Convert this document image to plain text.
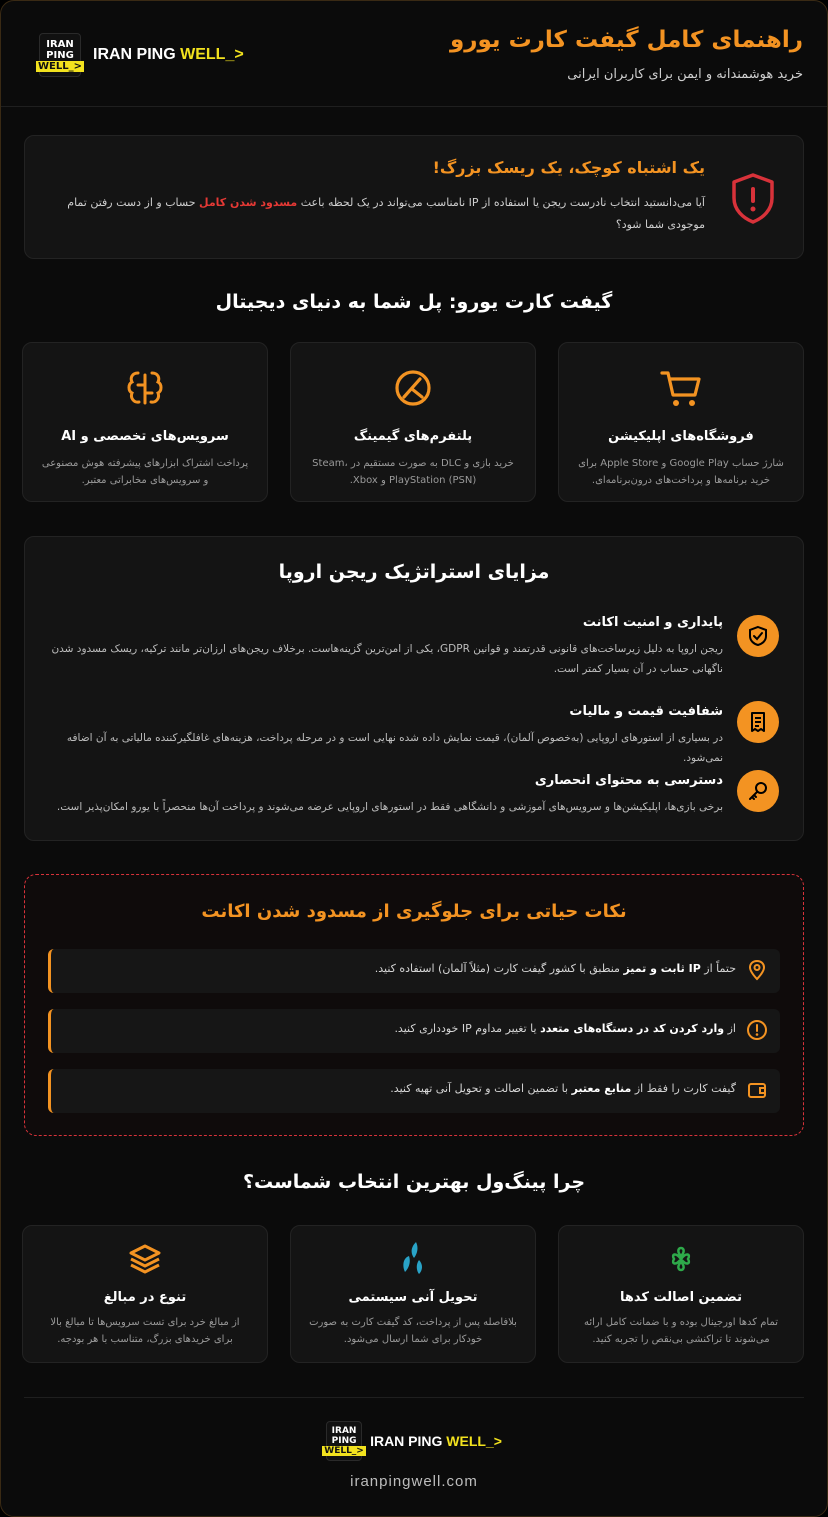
راهنمای کامل گیفت کارت یورو
خرید هوشمندانه و ایمن برای کاربران ایرانی
IRAN
PING
WELL_>
IRAN PING WELL_>
یک اشتباه کوچک، یک ریسک بزرگ!
آیا می‌دانستید انتخاب نادرست ریجن یا استفاده از IP نامناسب می‌تواند در یک لحظه باعث مسدود شدن کامل حساب و از دست رفتن تمام موجودی شما شود؟
گیفت کارت یورو: پل شما به دنیای دیجیتال
فروشگاه‌های اپلیکیشن
شارژ حساب Google Play و Apple Store برای خرید برنامه‌ها و پرداخت‌های درون‌برنامه‌ای.
پلتفرم‌های گیمینگ
خرید بازی و DLC به صورت مستقیم در Steam، PlayStation (PSN) و Xbox.
سرویس‌های تخصصی و AI
پرداخت اشتراک ابزارهای پیشرفته هوش مصنوعی و سرویس‌های مخابراتی معتبر.
مزایای استراتژیک ریجن اروپا
پایداری و امنیت اکانت
ریجن اروپا به دلیل زیرساخت‌های قانونی قدرتمند و قوانین GDPR، یکی از امن‌ترین گزینه‌هاست. برخلاف ریجن‌های ارزان‌تر مانند ترکیه، ریسک مسدود شدن ناگهانی حساب در آن بسیار کمتر است.
شفافیت قیمت و مالیات
در بسیاری از استورهای اروپایی (به‌خصوص آلمان)، قیمت نمایش داده شده نهایی است و در مرحله پرداخت، هزینه‌های غافلگیرکننده مالیاتی به آن اضافه نمی‌شود.
دسترسی به محتوای انحصاری
برخی بازی‌ها، اپلیکیشن‌ها و سرویس‌های آموزشی و دانشگاهی فقط در استورهای اروپایی عرضه می‌شوند و پرداخت آن‌ها منحصراً با یورو امکان‌پذیر است.
نکات حیاتی برای جلوگیری از مسدود شدن اکانت
حتماً از IP ثابت و تمیز منطبق با کشور گیفت کارت (مثلاً آلمان) استفاده کنید.
از وارد کردن کد در دستگاه‌های متعدد یا تغییر مداوم IP خودداری کنید.
گیفت کارت را فقط از منابع معتبر با تضمین اصالت و تحویل آنی تهیه کنید.
چرا پینگ‌ول بهترین انتخاب شماست؟
تضمین اصالت کدها
تمام کدها اورجینال بوده و با ضمانت کامل ارائه می‌شوند تا تراکنشی بی‌نقص را تجربه کنید.
تحویل آنی سیستمی
بلافاصله پس از پرداخت، کد گیفت کارت به صورت خودکار برای شما ارسال می‌شود.
تنوع در مبالغ
از مبالغ خرد برای تست سرویس‌ها تا مبالغ بالا برای خریدهای بزرگ، متناسب با هر بودجه.
IRAN
PING
WELL_>
IRAN PING WELL_>
iranpingwell.com
